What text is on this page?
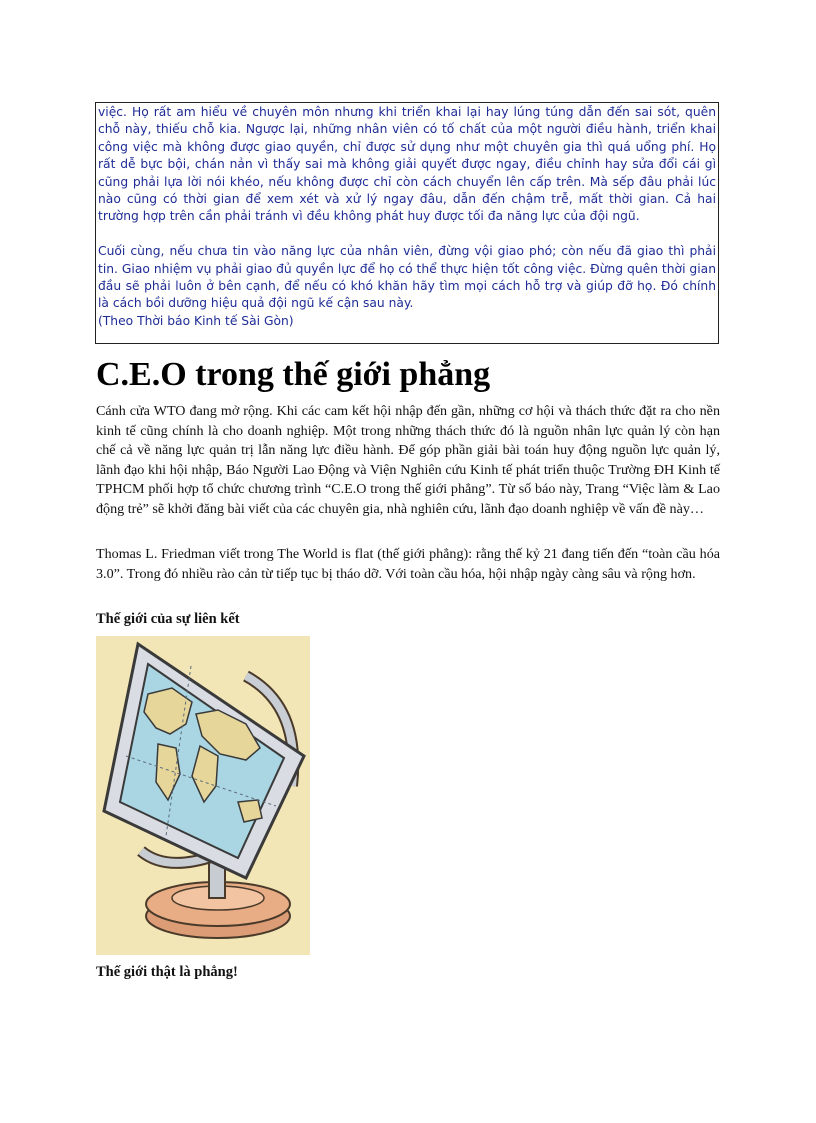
việc. Họ rất am hiểu về chuyên môn nhưng khi triển khai lại hay lúng túng dẫn đến sai sót, quên chỗ này, thiếu chỗ kia. Ngược lại, những nhân viên có tố chất của một người điều hành, triển khai công việc mà không được giao quyền, chỉ được sử dụng như một chuyên gia thì quá uổng phí. Họ rất dễ bực bội, chán nản vì thấy sai mà không giải quyết được ngay, điều chỉnh hay sửa đổi cái gì cũng phải lựa lời nói khéo, nếu không được chỉ còn cách chuyển lên cấp trên. Mà sếp đâu phải lúc nào cũng có thời gian để xem xét và xử lý ngay đâu, dẫn đến chậm trễ, mất thời gian. Cả hai trường hợp trên cần phải tránh vì đều không phát huy được tối đa năng lực của đội ngũ.

Cuối cùng, nếu chưa tin vào năng lực của nhân viên, đừng vội giao phó; còn nếu đã giao thì phải tin. Giao nhiệm vụ phải giao đủ quyền lực để họ có thể thực hiện tốt công việc. Đừng quên thời gian đầu sẽ phải luôn ở bên cạnh, để nếu có khó khăn hãy tìm mọi cách hỗ trợ và giúp đỡ họ. Đó chính là cách bồi dưỡng hiệu quả đội ngũ kế cận sau này.

(Theo Thời báo Kinh tế Sài Gòn)

C.E.O trong thế giới phẳng

Cánh cửa WTO đang mở rộng. Khi các cam kết hội nhập đến gần, những cơ hội và thách thức đặt ra cho nền kinh tế cũng chính là cho doanh nghiệp. Một trong những thách thức đó là nguồn nhân lực quản lý còn hạn chế cả về năng lực quản trị lẫn năng lực điều hành. Để góp phần giải bài toán huy động nguồn lực quản lý, lãnh đạo khi hội nhập, Báo Người Lao Động và Viện Nghiên cứu Kinh tế phát triển thuộc Trường ĐH Kinh tế TPHCM phối hợp tổ chức chương trình “C.E.O trong thế giới phẳng”. Từ số báo này, Trang “Việc làm & Lao động trẻ” sẽ khởi đăng bài viết của các chuyên gia, nhà nghiên cứu, lãnh đạo doanh nghiệp về vấn đề này…

Thomas L. Friedman viết trong The World is flat (thế giới phẳng): rằng thế kỷ 21 đang tiến đến “toàn cầu hóa 3.0”. Trong đó nhiều rào cản từ tiếp tục bị tháo dỡ. Với toàn cầu hóa, hội nhập ngày càng sâu và rộng hơn.

Thế giới của sự liên kết

Thế giới thật là phẳng!
